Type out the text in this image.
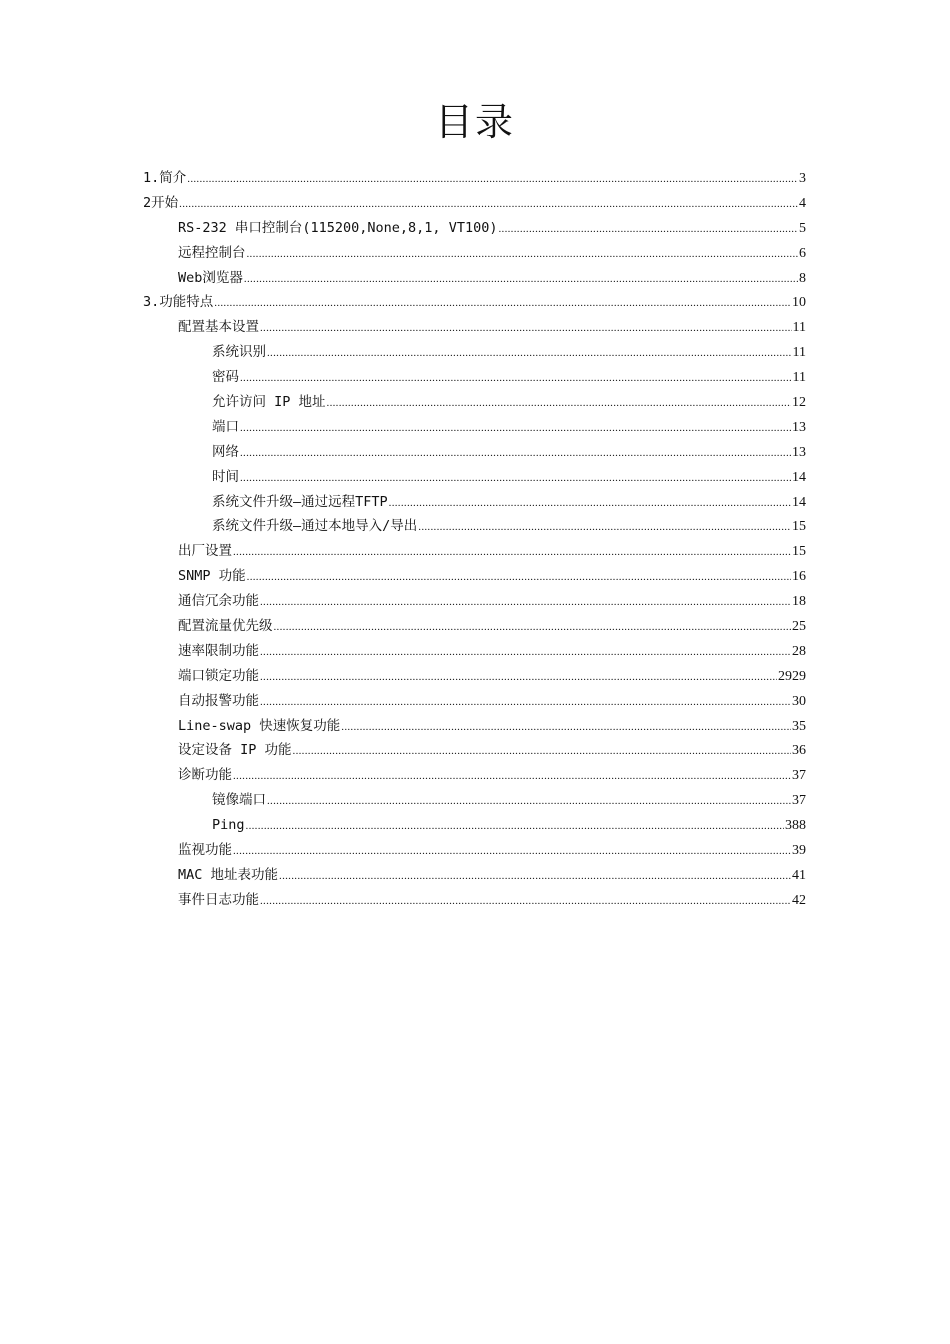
目录
1.简介 .....	3
2开始 .....	4
RS-232 串口控制台(115200,None,8,1, VT100) .....	5
远程控制台 .....	6
Web浏览器 .....	8
3.功能特点 .....	10
配置基本设置 .....	11
系统识别 .....	11
密码 .....	11
允许访问 IP 地址 .....	12
端口 .....	13
网络 .....	13
时间 .....	14
系统文件升级—通过远程TFTP .....	14
系统文件升级—通过本地导入/导出 .....	15
出厂设置 .....	15
SNMP 功能 .....	16
通信冗余功能 .....	18
配置流量优先级 .....	25
速率限制功能 .....	28
端口锁定功能 .....	2929
自动报警功能 .....	30
Line-swap 快速恢复功能 .....	35
设定设备 IP 功能 .....	36
诊断功能 .....	37
镜像端口 .....	37
Ping .....	388
监视功能 .....	39
MAC 地址表功能 .....	41
事件日志功能 .....	42
